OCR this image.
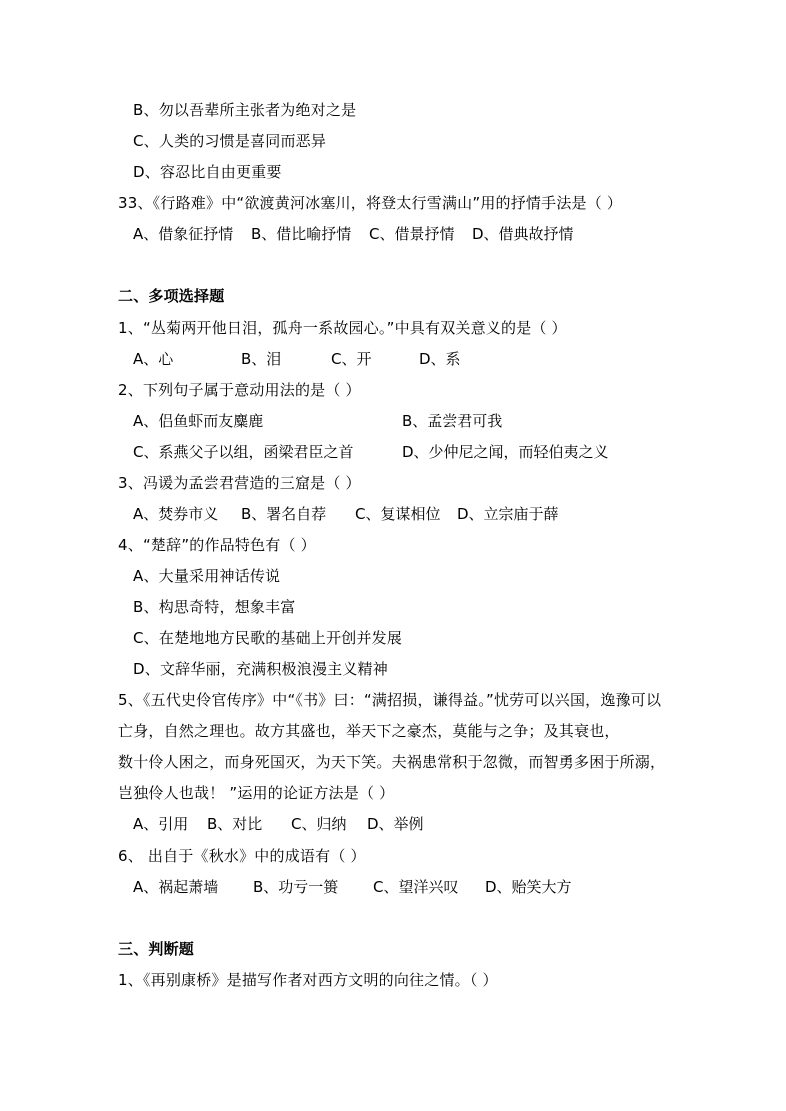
B、勿以吾辈所主张者为绝对之是
C、人类的习惯是喜同而恶异
D、容忍比自由更重要
33、《行路难》中“欲渡黄河冰塞川，将登太行雪满山”用的抒情手法是（ ）
A、借象征抒情 B、借比喻抒情 C、借景抒情 D、借典故抒情
二、多项选择题
1、“丛菊两开他日泪，孤舟一系故园心。”中具有双关意义的是（ ）
A、心	B、泪	C、开	D、系
2、下列句子属于意动用法的是（ ）
A、侣鱼虾而友麋鹿	B、孟尝君可我
C、系燕父子以组，函梁君臣之首	D、少仲尼之闻，而轻伯夷之义
3、冯谖为孟尝君营造的三窟是（ ）
A、焚券市义 B、署名自荐 C、复谋相位 D、立宗庙于薛
4、“楚辞”的作品特色有（ ）
A、大量采用神话传说
B、构思奇特，想象丰富
C、在楚地地方民歌的基础上开创并发展
D、文辞华丽，充满积极浪漫主义精神
5、《五代史伶官传序》中“《书》曰：“满招损，谦得益。”忧劳可以兴国，逸豫可以
亡身，自然之理也。故方其盛也，举天下之豪杰，莫能与之争；及其衰也，
数十伶人困之，而身死国灭，为天下笑。夫祸患常积于忽微，而智勇多困于所溺，
岂独伶人也哉！ ”运用的论证方法是（ ）
A、引用 B、对比 C、归纳 D、举例
6、 出自于《秋水》中的成语有（ ）
A、祸起萧墙 B、功亏一篑 C、望洋兴叹 D、贻笑大方
三、判断题
1、《再别康桥》是描写作者对西方文明的向往之情。（ ）
